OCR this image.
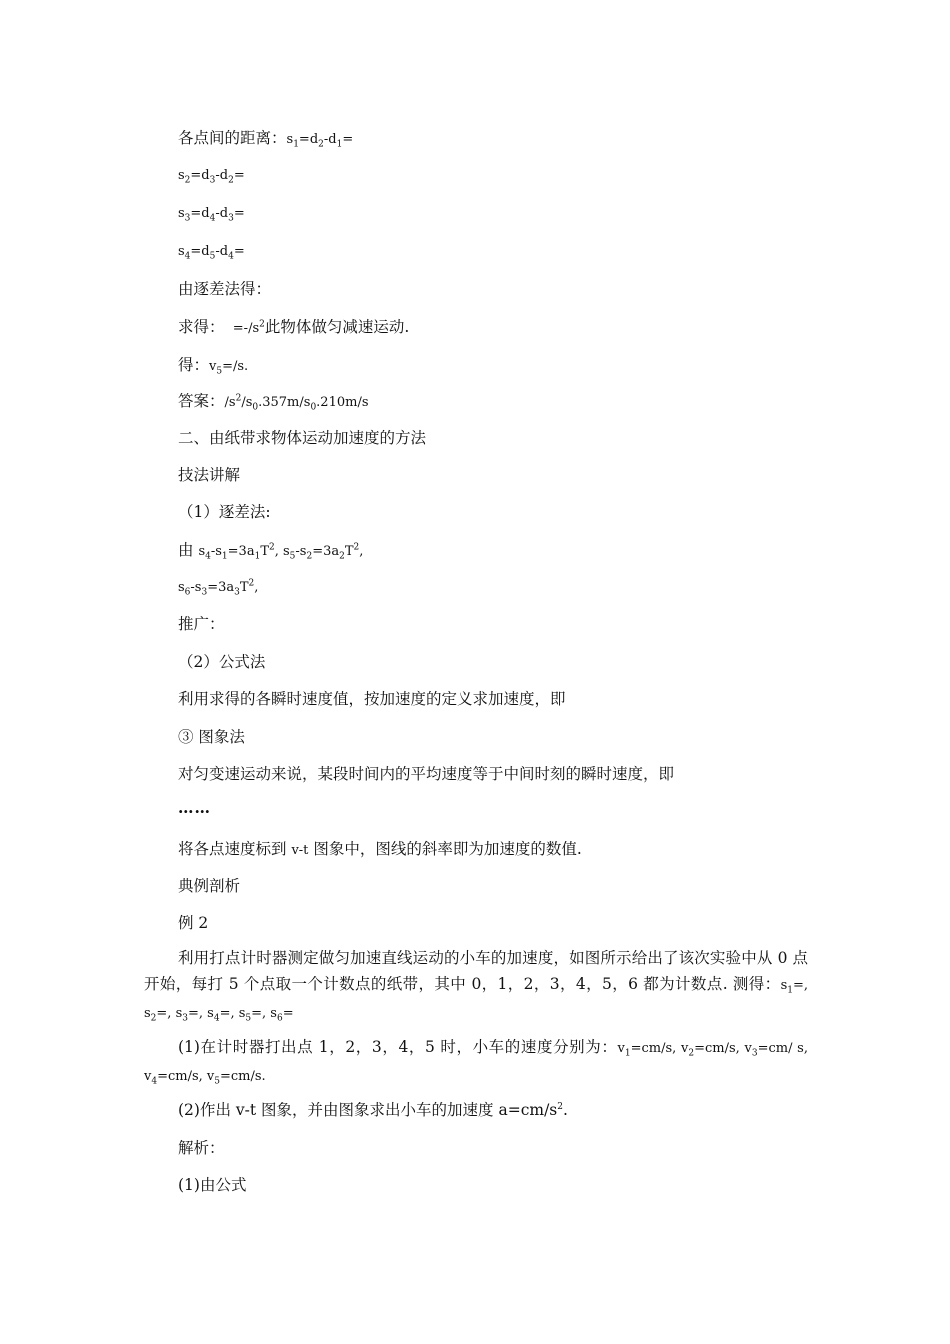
各点间的距离：$s_1=d_2-d_1=$
$s_2=d_3-d_2=$
$s_3=d_4-d_3=$
$s_4=d_5-d_4=$
由逐差法得：
求得：  $=-/s^2$此物体做匀减速运动.
得：$v_5=/s$.
答案：$/s^2/s_0.357m/s_0.210m/s$
二、由纸带求物体运动加速度的方法
技法讲解
（1）逐差法:
由 $s_4-s_1=3a_1T^2$, $s_5-s_2=3a_2T^2$,
$s_6-s_3=3a_3T^2$,
推广：
（2）公式法
利用求得的各瞬时速度值，按加速度的定义求加速度，即
③ 图象法
对匀变速运动来说，某段时间内的平均速度等于中间时刻的瞬时速度，即
……
将各点速度标到 v-t 图象中，图线的斜率即为加速度的数值.
典例剖析
例 2
利用打点计时器测定做匀加速直线运动的小车的加速度，如图所示给出了该次实验中从 0 点开始，每打 5 个点取一个计数点的纸带，其中 0，1，2，3，4，5，6 都为计数点. 测得：$s_1=$, $s_2=$, $s_3=$, $s_4=$, $s_5=$, $s_6=$
(1)在计时器打出点 1，2，3，4，5 时，小车的速度分别为：$v_1=cm/s$, $v_2=cm/s$, $v_3=cm/$ s, $v_4=cm/s$, $v_5=cm/s$.
(2)作出 v-t 图象，并由图象求出小车的加速度 $a=cm/s^2$.
解析：
(1)由公式
